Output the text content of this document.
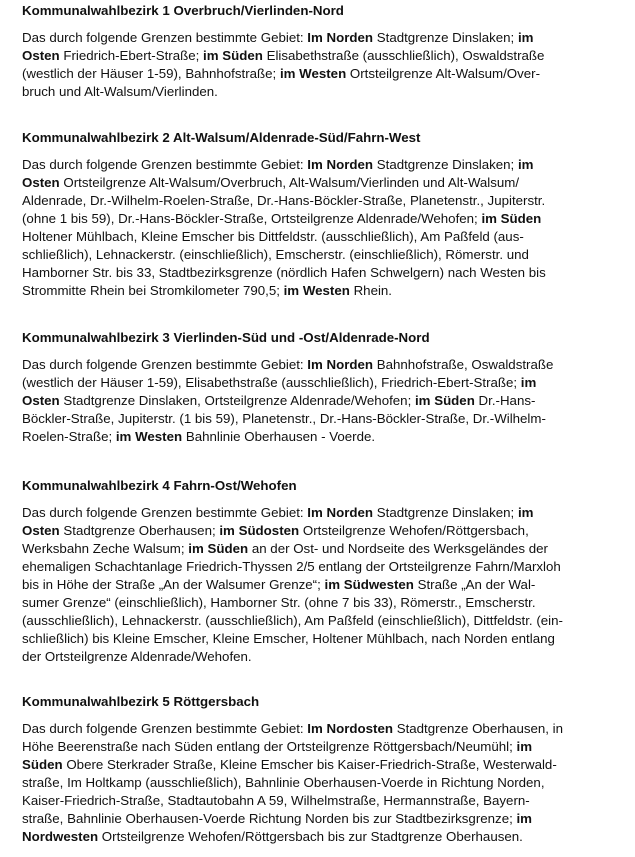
Kommunalwahlbezirk 1 Overbruch/Vierlinden-Nord

Das durch folgende Grenzen bestimmte Gebiet: Im Norden Stadtgrenze Dinslaken; im
Osten Friedrich-Ebert-Straße; im Süden Elisabethstraße (ausschließlich), Oswaldstraße
(westlich der Häuser 1-59), Bahnhofstraße; im Westen Ortsteilgrenze Alt-Walsum/Over-
bruch und Alt-Walsum/Vierlinden.

Kommunalwahlbezirk 2 Alt-Walsum/Aldenrade-Süd/Fahrn-West

Das durch folgende Grenzen bestimmte Gebiet: Im Norden Stadtgrenze Dinslaken; im
Osten Ortsteilgrenze Alt-Walsum/Overbruch, Alt-Walsum/Vierlinden und Alt-Walsum/
Aldenrade, Dr.-Wilhelm-Roelen-Straße, Dr.-Hans-Böckler-Straße, Planetenstr., Jupiterstr.
(ohne 1 bis 59), Dr.-Hans-Böckler-Straße, Ortsteilgrenze Aldenrade/Wehofen; im Süden
Holtener Mühlbach, Kleine Emscher bis Dittfeldstr. (ausschließlich), Am Paßfeld (aus-
schließlich), Lehnackerstr. (einschließlich), Emscherstr. (einschließlich), Römerstr. und
Hamborner Str. bis 33, Stadtbezirksgrenze (nördlich Hafen Schwelgern) nach Westen bis
Strommitte Rhein bei Stromkilometer 790,5; im Westen Rhein.

Kommunalwahlbezirk 3 Vierlinden-Süd und -Ost/Aldenrade-Nord

Das durch folgende Grenzen bestimmte Gebiet: Im Norden Bahnhofstraße, Oswaldstraße
(westlich der Häuser 1-59), Elisabethstraße (ausschließlich), Friedrich-Ebert-Straße; im
Osten Stadtgrenze Dinslaken, Ortsteilgrenze Aldenrade/Wehofen; im Süden Dr.-Hans-
Böckler-Straße, Jupiterstr. (1 bis 59), Planetenstr., Dr.-Hans-Böckler-Straße, Dr.-Wilhelm-
Roelen-Straße; im Westen Bahnlinie Oberhausen - Voerde.

Kommunalwahlbezirk 4 Fahrn-Ost/Wehofen

Das durch folgende Grenzen bestimmte Gebiet: Im Norden Stadtgrenze Dinslaken; im
Osten Stadtgrenze Oberhausen; im Südosten Ortsteilgrenze Wehofen/Röttgersbach,
Werksbahn Zeche Walsum; im Süden an der Ost- und Nordseite des Werksgeländes der
ehemaligen Schachtanlage Friedrich-Thyssen 2/5 entlang der Ortsteilgrenze Fahrn/Marxloh
bis in Höhe der Straße „An der Walsumer Grenze“; im Südwesten Straße „An der Wal-
sumer Grenze“ (einschließlich), Hamborner Str. (ohne 7 bis 33), Römerstr., Emscherstr.
(ausschließlich), Lehnackerstr. (ausschließlich), Am Paßfeld (einschließlich), Dittfeldstr. (ein-
schließlich) bis Kleine Emscher, Kleine Emscher, Holtener Mühlbach, nach Norden entlang
der Ortsteilgrenze Aldenrade/Wehofen.

Kommunalwahlbezirk 5 Röttgersbach

Das durch folgende Grenzen bestimmte Gebiet: Im Nordosten Stadtgrenze Oberhausen, in
Höhe Beerenstraße nach Süden entlang der Ortsteilgrenze Röttgersbach/Neumühl; im
Süden Obere Sterkrader Straße, Kleine Emscher bis Kaiser-Friedrich-Straße, Westerwald-
straße, Im Holtkamp (ausschließlich), Bahnlinie Oberhausen-Voerde in Richtung Norden,
Kaiser-Friedrich-Straße, Stadtautobahn A 59, Wilhelmstraße, Hermannstraße, Bayern-
straße, Bahnlinie Oberhausen-Voerde Richtung Norden bis zur Stadtbezirksgrenze; im
Nordwesten Ortsteilgrenze Wehofen/Röttgersbach bis zur Stadtgrenze Oberhausen.
